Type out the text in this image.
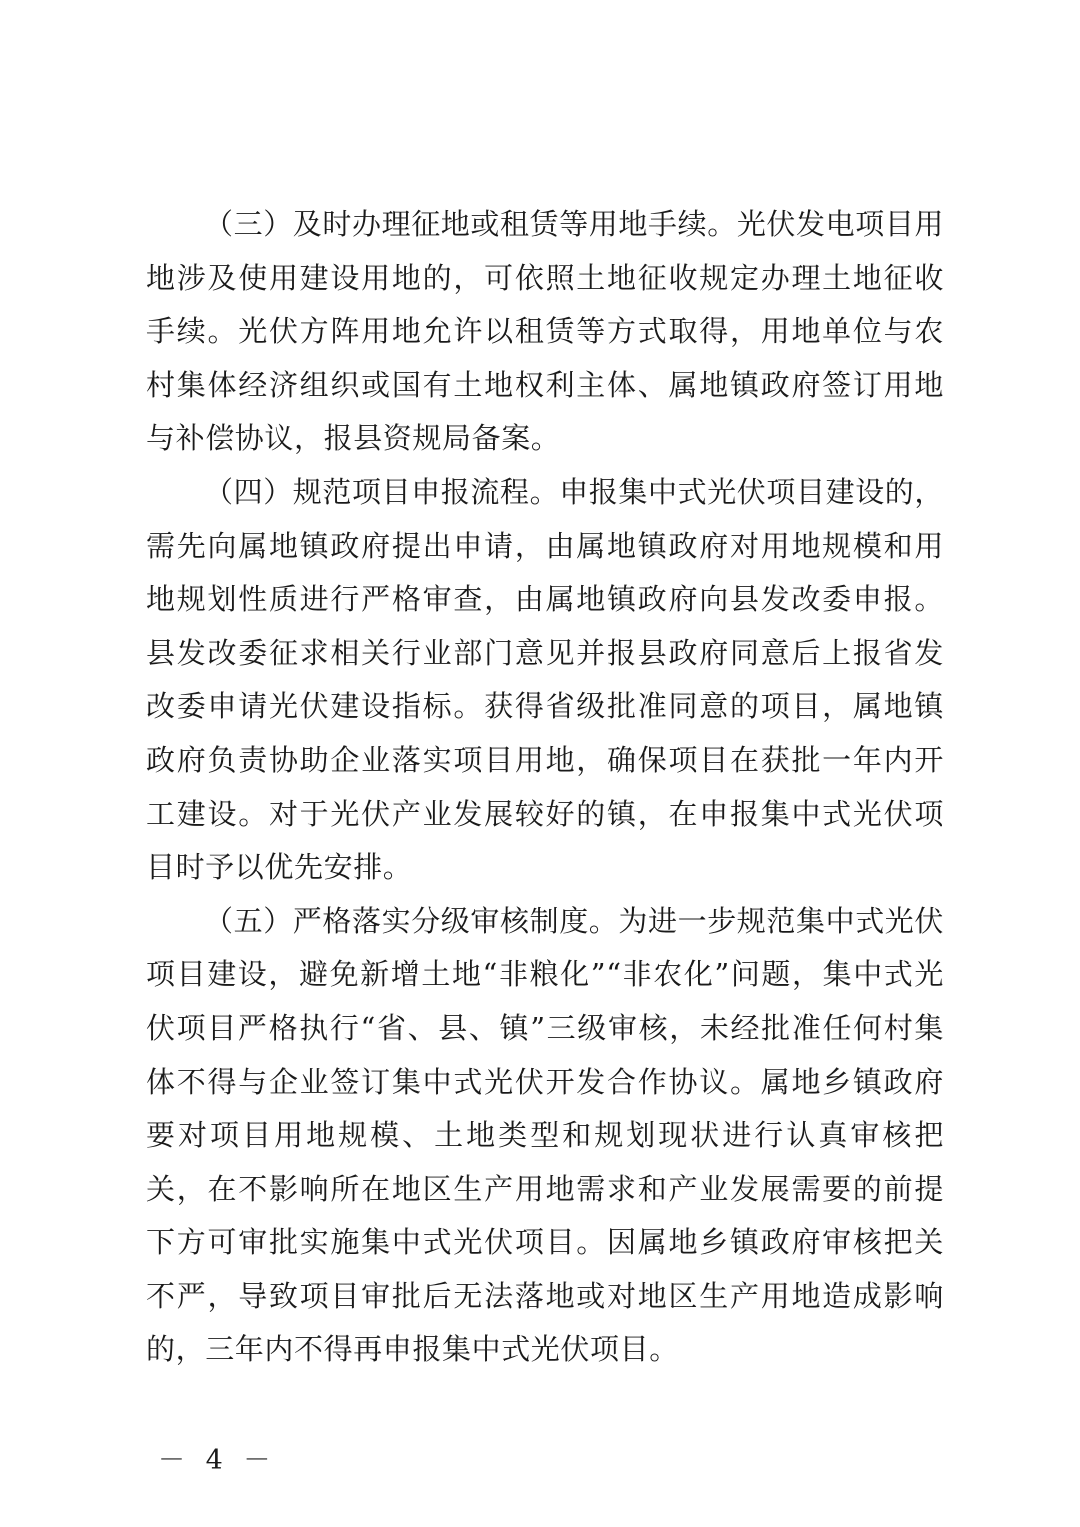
（三）及时办理征地或租赁等用地手续。光伏发电项目用地涉及使用建设用地的，可依照土地征收规定办理土地征收手续。光伏方阵用地允许以租赁等方式取得，用地单位与农村集体经济组织或国有土地权利主体、属地镇政府签订用地与补偿协议，报县资规局备案。

（四）规范项目申报流程。申报集中式光伏项目建设的，需先向属地镇政府提出申请，由属地镇政府对用地规模和用地规划性质进行严格审查，由属地镇政府向县发改委申报。县发改委征求相关行业部门意见并报县政府同意后上报省发改委申请光伏建设指标。获得省级批准同意的项目，属地镇政府负责协助企业落实项目用地，确保项目在获批一年内开工建设。对于光伏产业发展较好的镇，在申报集中式光伏项目时予以优先安排。

（五）严格落实分级审核制度。为进一步规范集中式光伏项目建设，避免新增土地“非粮化”“非农化”问题，集中式光伏项目严格执行“省、县、镇”三级审核，未经批准任何村集体不得与企业签订集中式光伏开发合作协议。属地乡镇政府要对项目用地规模、土地类型和规划现状进行认真审核把关，在不影响所在地区生产用地需求和产业发展需要的前提下方可审批实施集中式光伏项目。因属地乡镇政府审核把关不严，导致项目审批后无法落地或对地区生产用地造成影响的，三年内不得再申报集中式光伏项目。

－ 4 －
